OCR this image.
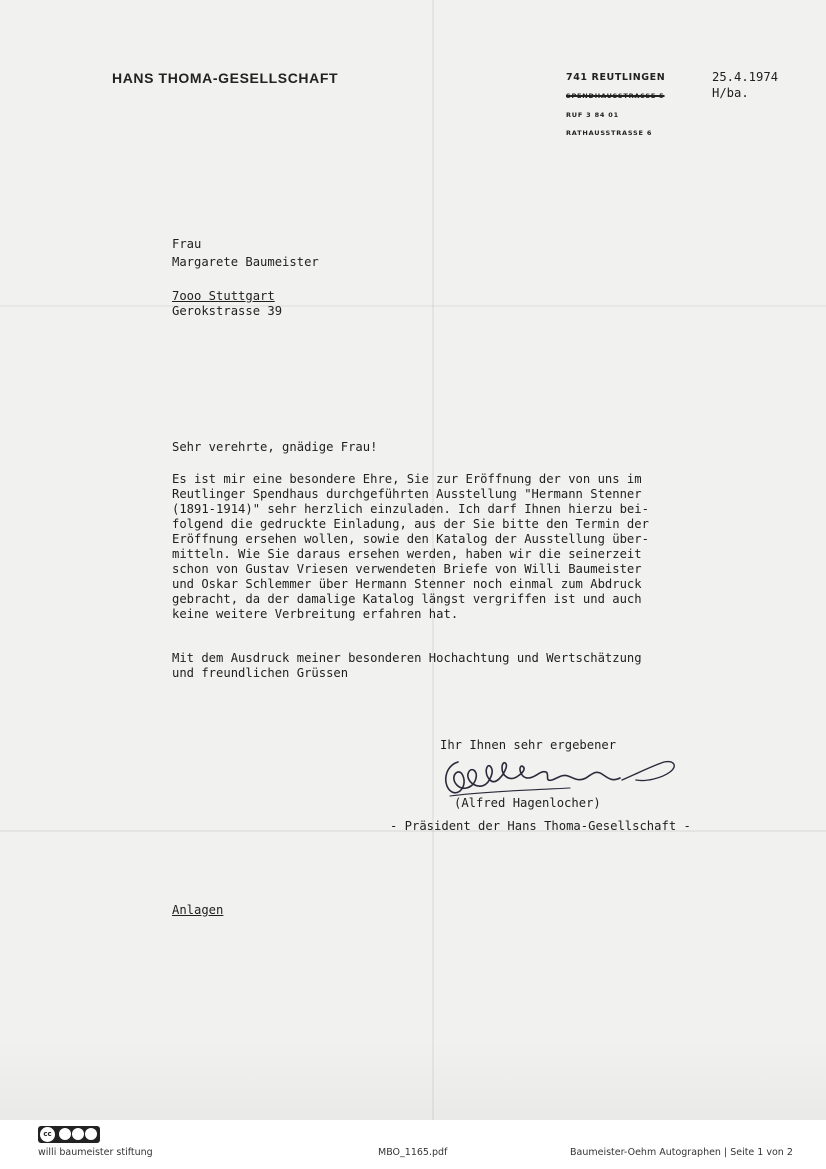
HANS THOMA-GESELLSCHAFT	741 REUTLINGEN
SPENDHAUSSTRASSE 5
RUF 3 84 01
RATHAUSSTRASSE 6
25.4.1974
H/ba.
Frau
Margarete Baumeister
7ooo Stuttgart
Gerokstrasse 39
Sehr verehrte, gnädige Frau!
Es ist mir eine besondere Ehre, Sie zur Eröffnung der von uns im
Reutlinger Spendhaus durchgeführten Ausstellung "Hermann Stenner
(1891-1914)" sehr herzlich einzuladen. Ich darf Ihnen hierzu bei-
folgend die gedruckte Einladung, aus der Sie bitte den Termin der
Eröffnung ersehen wollen, sowie den Katalog der Ausstellung über-
mitteln. Wie Sie daraus ersehen werden, haben wir die seinerzeit
schon von Gustav Vriesen verwendeten Briefe von Willi Baumeister
und Oskar Schlemmer über Hermann Stenner noch einmal zum Abdruck
gebracht, da der damalige Katalog längst vergriffen ist und auch
keine weitere Verbreitung erfahren hat.
Mit dem Ausdruck meiner besonderen Hochachtung und Wertschätzung
und freundlichen Grüssen
Ihr Ihnen sehr ergebener
(Alfred Hagenlocher)
- Präsident der Hans Thoma-Gesellschaft -
Anlagen
cc
willi baumeister stiftung	MBO_1165.pdf	Baumeister-Oehm Autographen | Seite 1 von 2
